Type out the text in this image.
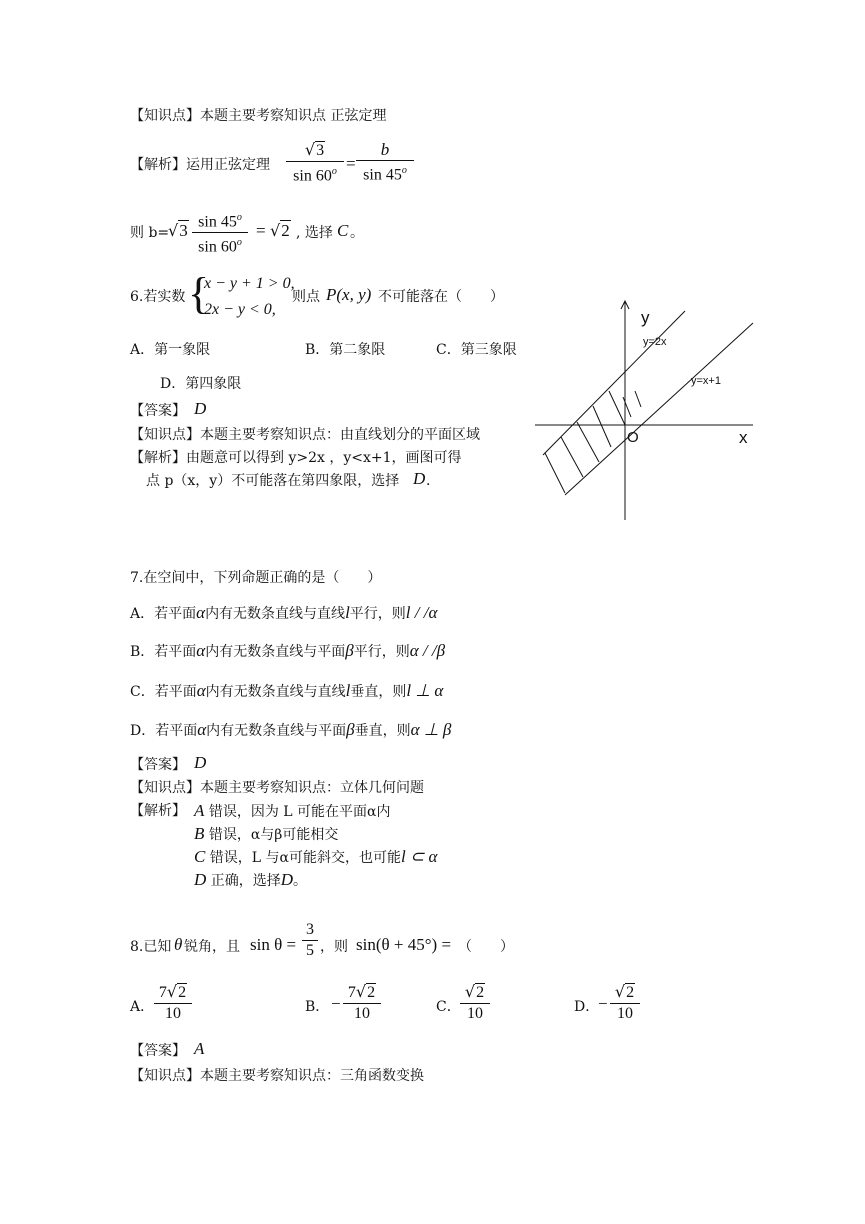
【知识点】本题主要考察知识点 正弦定理
【解析】运用正弦定理
√3
$\sin 60^o$ =
b
sin 45$^o$
则 b=
√3 sin 45$^o$
$\sin 60^o$
= √2 , 选择 C 。
6.若实数 {
x − y + 1 > 0,
2x − y < 0,
则点 P(x, y) 不可能落在（　　）
A．第一象限	B．第二象限	C．第三象限
D．第四象限
【答案】 D
【知识点】本题主要考察知识点：由直线划分的平面区域
【解析】由题意可以得到 y>2x ，y<x+1，画图可得
点 p（x，y）不可能落在第四象限，选择 D .
y
x
O
y=2x
y=x+1
7.在空间中，下列命题正确的是（　　）
A．若平面α内有无数条直线与直线l平行，则l / /α
B．若平面α内有无数条直线与平面β平行，则α / /β
C．若平面α内有无数条直线与直线l垂直，则l ⊥ α
D．若平面α内有无数条直线与平面β垂直，则α ⊥ β
【答案】 D
【知识点】本题主要考察知识点：立体几何问题
【解析】 A 错误，因为 L 可能在平面α内
B 错误，α与β可能相交
C 错误，L 与α可能斜交，也可能l ⊂ α
D 正确，选择D。
8.已知 θ 锐角，且 sin θ =
3
5 ，则 sin(θ + 45°) = （　　）
A．
7√2
10	B． −
7√2
10	C．
√2
10	D．
−
√2
10
【答案】 A
【知识点】本题主要考察知识点：三角函数变换
